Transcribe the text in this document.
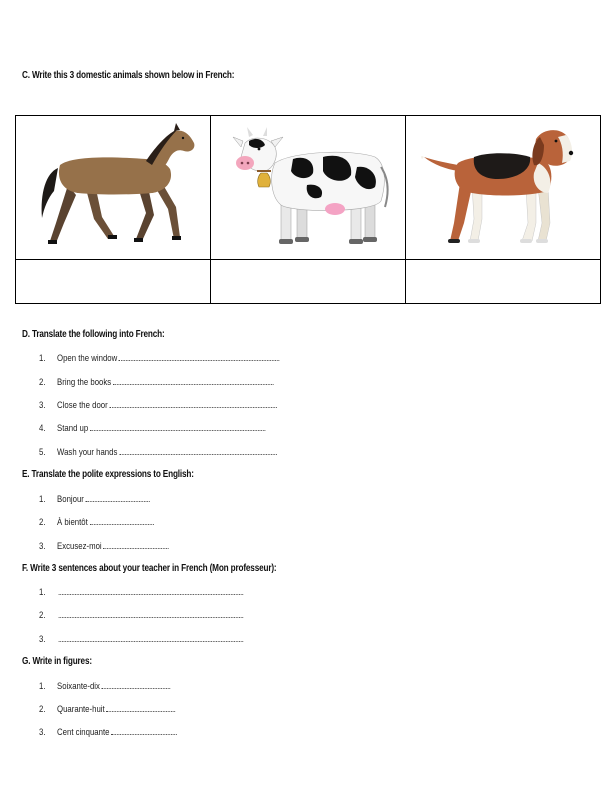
C. Write this 3 domestic animals shown below in French:

D. Translate the following into French:
1. Open the window
2. Bring the books
3. Close the door
4. Stand up
5. Wash your hands
E. Translate the polite expressions to English:
1. Bonjour
2. À bientôt
3. Excusez-moi
F. Write 3 sentences about your teacher in French (Mon professeur):
1.
2.
3.
G. Write in figures:
1. Soixante-dix
2. Quarante-huit
3. Cent cinquante
